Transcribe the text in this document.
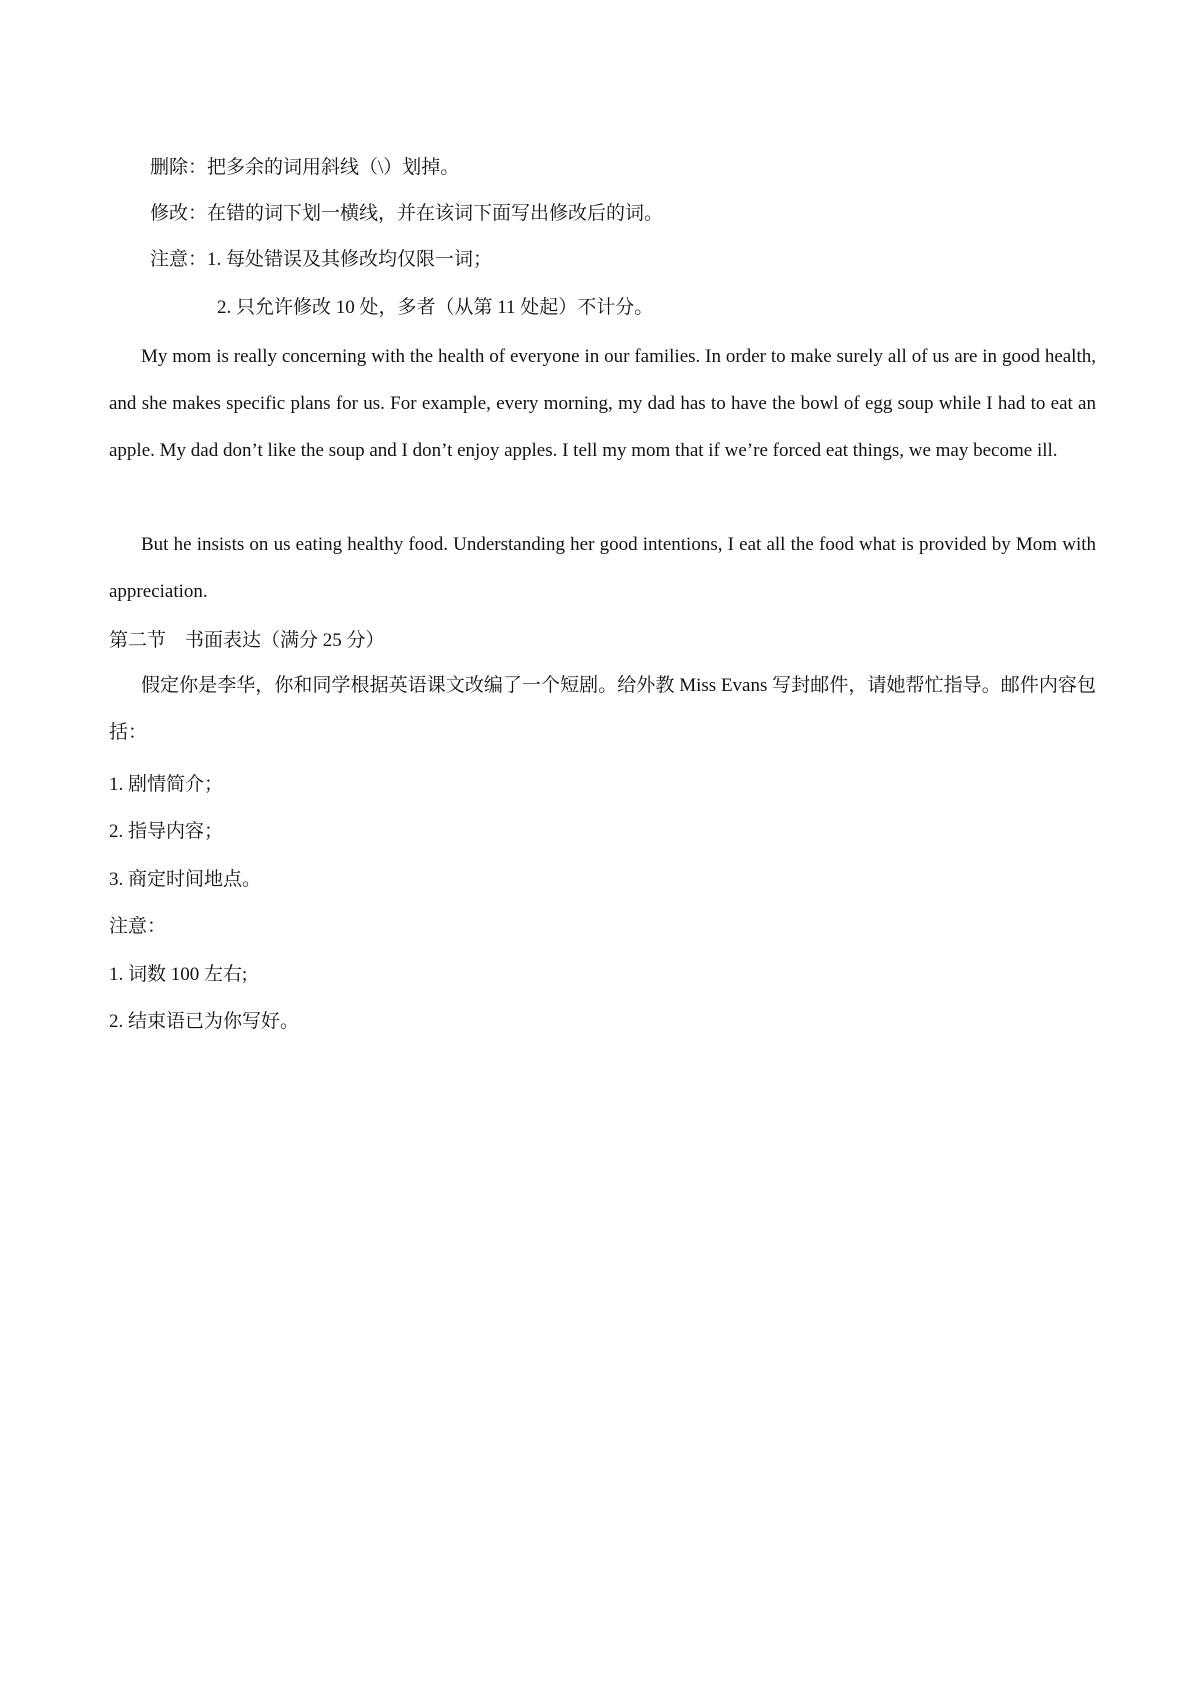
删除：把多余的词用斜线（\）划掉。
修改：在错的词下划一横线，并在该词下面写出修改后的词。
注意：1. 每处错误及其修改均仅限一词；
2. 只允许修改 10 处，多者（从第 11 处起）不计分。
My mom is really concerning with the health of everyone in our families. In order to make surely all of us are in good health, and she makes specific plans for us. For example, every morning, my dad has to have the bowl of egg soup while I had to eat an apple. My dad don’t like the soup and I don’t enjoy apples. I tell my mom that if we’re forced eat things, we may become ill.
But he insists on us eating healthy food. Understanding her good intentions, I eat all the food what is provided by Mom with appreciation.
第二节　书面表达（满分 25 分）
假定你是李华，你和同学根据英语课文改编了一个短剧。给外教 Miss Evans 写封邮件，请她帮忙指导。邮件内容包括：
1. 剧情简介；
2. 指导内容；
3. 商定时间地点。
注意：
1. 词数 100 左右;
2. 结束语已为你写好。
